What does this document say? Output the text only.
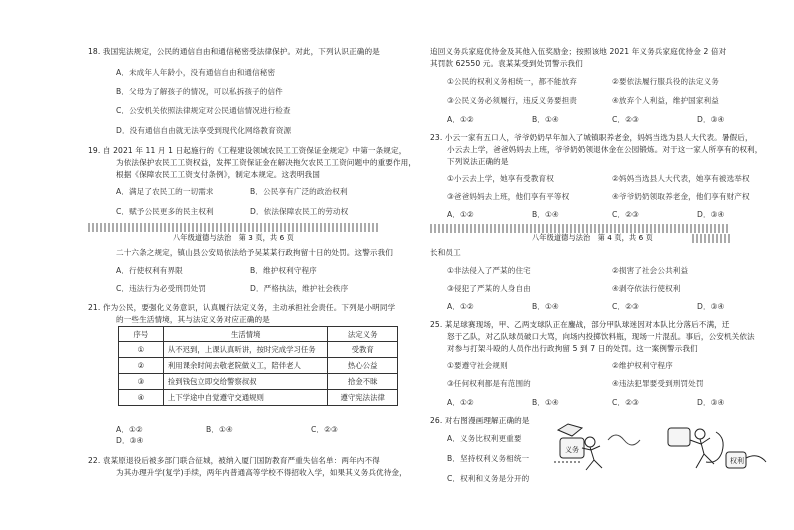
18. 我国宪法规定，公民的通信自由和通信秘密受法律保护。对此，下列认识正确的是
A．未成年人年龄小，没有通信自由和通信秘密
B．父母为了解孩子的情况，可以私拆孩子的信件
C．公安机关依照法律规定对公民通信情况进行检查
D．没有通信自由就无法享受到现代化网络教育资源
19. 自 2021 年 11 月 1 日起施行的《工程建设领域农民工工资保证金规定》中第一条规定，
为依法保护农民工工资权益，发挥工资保证金在解决拖欠农民工工资问题中的重要作用，
根据《保障农民工工资支付条例》，制定本规定。这表明我国
A．满足了农民工的一切需求	B．公民享有广泛的政治权利
C．赋予公民更多的民主权利	D．依法保障农民工的劳动权
八年级道德与法治　第 3 页，共 6 页
二十六条之规定，镇山县公安局依法给予吴某某行政拘留十日的处罚。这警示我们
A．行使权利有界限	B．维护权利守程序
C．违法行为必受刑罚处罚	D．严格执法，维护社会秩序
21. 作为公民，要强化义务意识，认真履行法定义务，主动承担社会责任。下列是小明同学
的一些生活情境，其与法定义务对应正确的是
序号	生活情境	法定义务
①	从不迟到，上课认真听讲，按时完成学习任务	受教育
②	利用课余时间去敬老院做义工，陪伴老人	热心公益
③	捡到钱包立即交给警察叔叔	拾金不昧
④	上下学途中自觉遵守交通规则	遵守宪法法律
A．①②	B．①④	C．②③
D．③④
22. 袁某原退役后被多部门联合征城，被纳入厦门国防教育严重失信名单：两年内不得
为其办理升学(复学)手续，两年内普通高等学校不得招收入学，如果其义务兵优待金，
追回义务兵家庭优待金及其他入伍奖励金；按照该地 2021 年义务兵家庭优待金 2 倍对
其罚款 62550 元。袁某某受到处罚警示我们
①公民的权利义务相统一，都不能放弃	②要依法履行服兵役的法定义务
③公民义务必须履行，违反义务要担责	④放弃个人利益，维护国家利益
A．①②	B．①④	C．②③	D．③④
23. 小云一家有五口人，爷爷奶奶早年加入了城镇职养老金，妈妈当选为县人大代表。暑假后，
小云去上学，爸爸妈妈去上班，爷爷奶奶领退休金在公园锻炼。对于这一家人所享有的权利，
下列说法正确的是
①小云去上学，她享有受教育权	②妈妈当选县人大代表，她享有被选举权
③爸爸妈妈去上班，他们享有平等权	④爷爷奶奶领取养老金，他们享有财产权
A．①②	B．①④	C．②③	D．③④
八年级道德与法治　第 4 页，共 6 页
长和员工
①非法侵入了严某的住宅	②损害了社会公共利益
③侵犯了严某的人身自由	④剥夺依法行使权利
A．①②	B．①④	C．②③	D．③④
25. 某足球赛现场，甲、乙两支球队正在鏖战，部分甲队球迷因对本队比分落后不满，迁
怒于乙队，对乙队球员破口大骂，向场内投掷饮料瓶，现场一片混乱。事后，公安机关依法
对参与打架斗殴的人员作出行政拘留 5 到 7 日的处罚。这一案例警示我们
①要遵守社会规则	②维护权利守程序
③任何权利都是有范围的	④违法犯罪要受到刑罚处罚
A．①②	B．①④	C．②③	D．③④
26. 对右图漫画理解正确的是
A．义务比权利更重要
B．坚持权利义务相统一
C．权利和义务是分开的
义务
权利
